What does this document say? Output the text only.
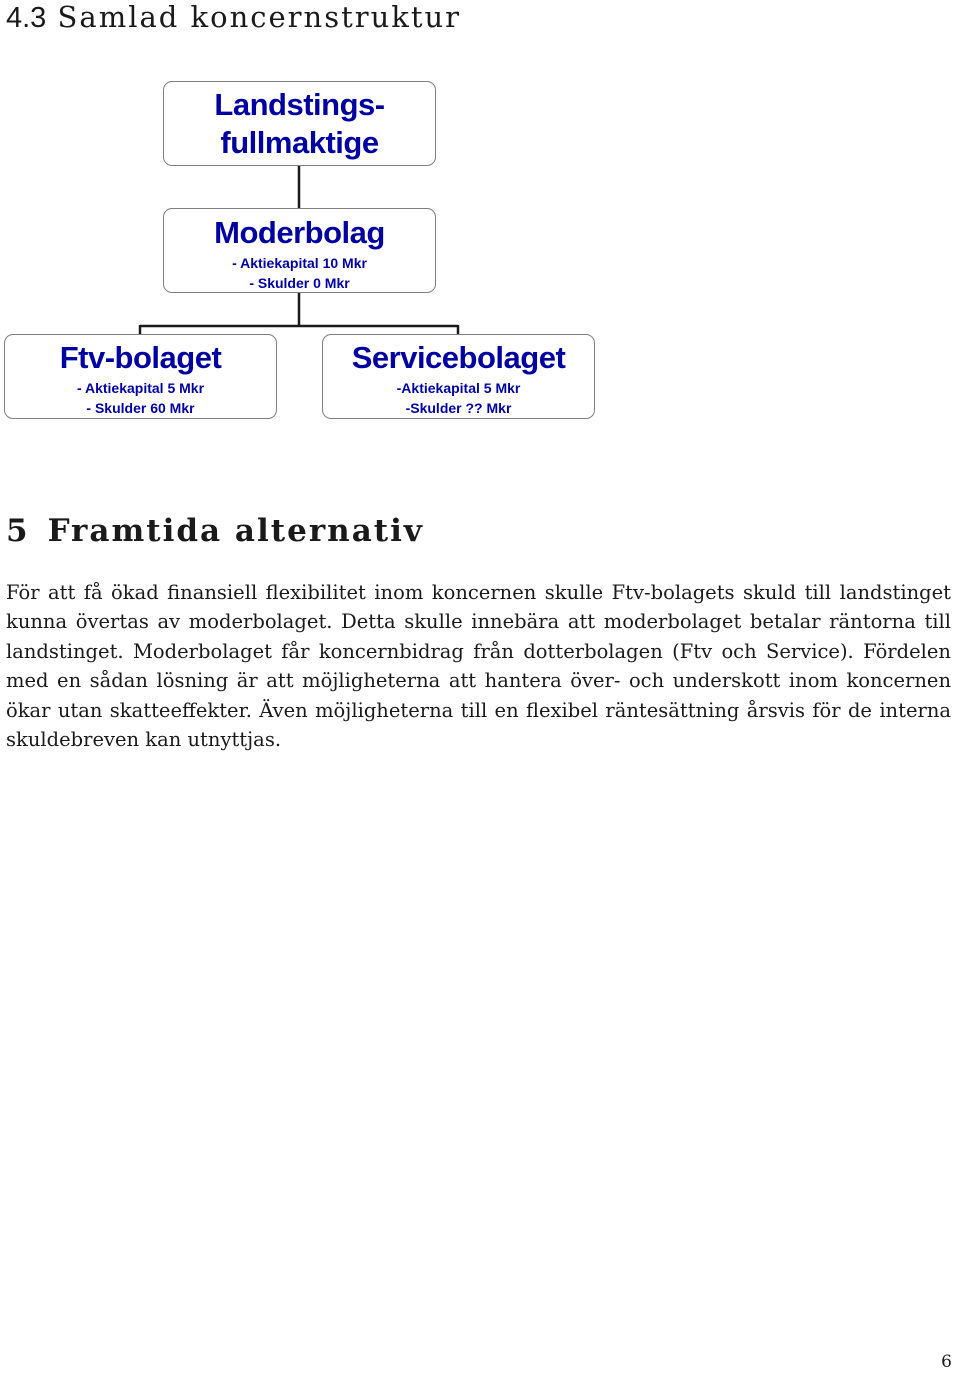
4.3 Samlad koncernstruktur
Landstings-
fullmaktige
Moderbolag
- Aktiekapital 10 Mkr
- Skulder 0 Mkr
Ftv-bolaget
- Aktiekapital 5 Mkr
- Skulder 60 Mkr
Servicebolaget
-Aktiekapital 5 Mkr
-Skulder ?? Mkr
5 Framtida alternativ

För att få ökad finansiell flexibilitet inom koncernen skulle Ftv-bolagets skuld till landstinget kunna övertas av moderbolaget. Detta skulle innebära att moderbolaget betalar räntorna till landstinget. Moderbolaget får koncernbidrag från dotterbolagen (Ftv och Service). Fördelen med en sådan lösning är att möjligheterna att hantera över- och underskott inom koncernen ökar utan skatteeffekter. Även möjligheterna till en flexibel räntesättning årsvis för de interna skuldebreven kan utnyttjas.

6
